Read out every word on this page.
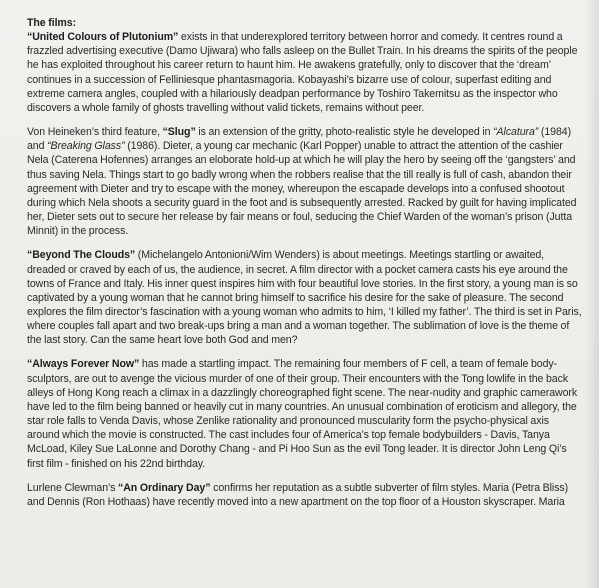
The films:

“United Colours of Plutonium” exists in that underexplored territory between horror and comedy. It centres round a frazzled advertising executive (Damo Ujiwara) who falls asleep on the Bullet Train. In his dreams the spirits of the people he has exploited throughout his career return to haunt him. He awakens gratefully, only to discover that the ‘dream’ continues in a succession of Felliniesque phantasmagoria. Kobayashi’s bizarre use of colour, superfast editing and extreme camera angles, coupled with a hilariously deadpan performance by Toshiro Takemitsu as the inspector who discovers a whole family of ghosts travelling without valid tickets, remains without peer.

Von Heineken’s third feature, “Slug” is an extension of the gritty, photo-realistic style he developed in “Alcatura” (1984) and “Breaking Glass” (1986). Dieter, a young car mechanic (Karl Popper) unable to attract the attention of the cashier Nela (Caterena Hofennes) arranges an eloborate hold-up at which he will play the hero by seeing off the ‘gangsters’ and thus saving Nela. Things start to go badly wrong when the robbers realise that the till really is full of cash, abandon their agreement with Dieter and try to escape with the money, whereupon the escapade develops into a confused shootout during which Nela shoots a security guard in the foot and is subsequently arrested. Racked by guilt for having implicated her, Dieter sets out to secure her release by fair means or foul, seducing the Chief Warden of the woman’s prison (Jutta Minnit) in the process.

“Beyond The Clouds” (Michelangelo Antonioni/Wim Wenders) is about meetings. Meetings startling or awaited, dreaded or craved by each of us, the audience, in secret. A film director with a pocket camera casts his eye around the towns of France and Italy. His inner quest inspires him with four beautiful love stories. In the first story, a young man is so captivated by a young woman that he cannot bring himself to sacrifice his desire for the sake of pleasure. The second explores the film director’s fascination with a young woman who admits to him, ‘I killed my father’. The third is set in Paris, where couples fall apart and two break-ups bring a man and a woman together. The sublimation of love is the theme of the last story. Can the same heart love both God and men?

“Always Forever Now” has made a startling impact. The remaining four members of F cell, a team of female body-sculptors, are out to avenge the vicious murder of one of their group. Their encounters with the Tong lowlife in the back alleys of Hong Kong reach a climax in a dazzlingly choreographed fight scene. The near-nudity and graphic camerawork have led to the film being banned or heavily cut in many countries. An unusual combination of eroticism and allegory, the star role falls to Venda Davis, whose Zenlike rationality and pronounced muscularity form the psycho-physical axis around which the movie is constructed. The cast includes four of America’s top female bodybuilders - Davis, Tanya McLoad, Kiley Sue LaLonne and Dorothy Chang - and Pi Hoo Sun as the evil Tong leader. It is director John Leng Qi’s first film - finished on his 22nd birthday.

Lurlene Clewman’s “An Ordinary Day” confirms her reputation as a subtle subverter of film styles. Maria (Petra Bliss) and Dennis (Ron Hothaas) have recently moved into a new apartment on the top floor of a Houston skyscraper. Maria
